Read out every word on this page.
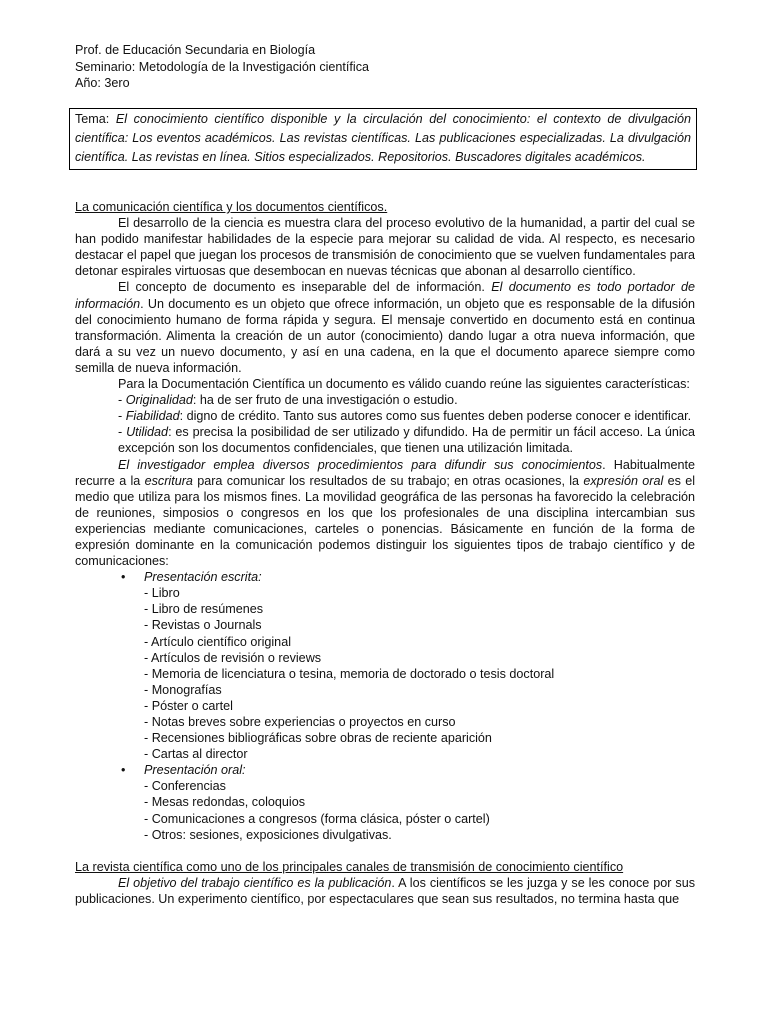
Prof. de Educación Secundaria en Biología
Seminario: Metodología de la Investigación científica
Año: 3ero
Tema: El conocimiento científico disponible y la circulación del conocimiento: el contexto de divulgación científica: Los eventos académicos. Las revistas científicas. Las publicaciones especializadas. La divulgación científica. Las revistas en línea. Sitios especializados. Repositorios. Buscadores digitales académicos.

La comunicación científica y los documentos científicos.

El desarrollo de la ciencia es muestra clara del proceso evolutivo de la humanidad, a partir del cual se han podido manifestar habilidades de la especie para mejorar su calidad de vida. Al respecto, es necesario destacar el papel que juegan los procesos de transmisión de conocimiento que se vuelven fundamentales para detonar espirales virtuosas que desembocan en nuevas técnicas que abonan al desarrollo científico.

El concepto de documento es inseparable del de información. El documento es todo portador de información. Un documento es un objeto que ofrece información, un objeto que es responsable de la difusión del conocimiento humano de forma rápida y segura. El mensaje convertido en documento está en continua transformación. Alimenta la creación de un autor (conocimiento) dando lugar a otra nueva información, que dará a su vez un nuevo documento, y así en una cadena, en la que el documento aparece siempre como semilla de nueva información.

Para la Documentación Científica un documento es válido cuando reúne las siguientes características:

- Originalidad: ha de ser fruto de una investigación o estudio.

- Fiabilidad: digno de crédito. Tanto sus autores como sus fuentes deben poderse conocer e identificar.

- Utilidad: es precisa la posibilidad de ser utilizado y difundido. Ha de permitir un fácil acceso. La única excepción son los documentos confidenciales, que tienen una utilización limitada.

El investigador emplea diversos procedimientos para difundir sus conocimientos. Habitualmente recurre a la escritura para comunicar los resultados de su trabajo; en otras ocasiones, la expresión oral es el medio que utiliza para los mismos fines. La movilidad geográfica de las personas ha favorecido la celebración de reuniones, simposios o congresos en los que los profesionales de una disciplina intercambian sus experiencias mediante comunicaciones, carteles o ponencias. Básicamente en función de la forma de expresión dominante en la comunicación podemos distinguir los siguientes tipos de trabajo científico y de comunicaciones:

• Presentación escrita:
- Libro
- Libro de resúmenes
- Revistas o Journals
- Artículo científico original
- Artículos de revisión o reviews
- Memoria de licenciatura o tesina, memoria de doctorado o tesis doctoral
- Monografías
- Póster o cartel
- Notas breves sobre experiencias o proyectos en curso
- Recensiones bibliográficas sobre obras de reciente aparición
- Cartas al director
• Presentación oral:
- Conferencias
- Mesas redondas, coloquios
- Comunicaciones a congresos (forma clásica, póster o cartel)
- Otros: sesiones, exposiciones divulgativas.

La revista científica como uno de los principales canales de transmisión de conocimiento científico

El objetivo del trabajo científico es la publicación. A los científicos se les juzga y se les conoce por sus publicaciones. Un experimento científico, por espectaculares que sean sus resultados, no termina hasta que
